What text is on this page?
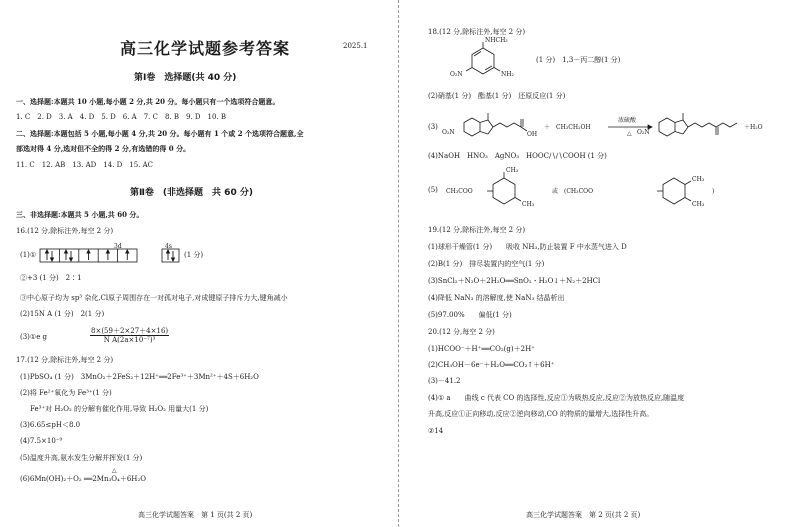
高三化学试题参考答案	2025.1
第Ⅰ卷　选择题(共 40 分)
一、选择题:本题共 10 小题,每小题 2 分,共 20 分。每小题只有一个选项符合题意。
1. C　2. D　3. A　4. D　5. D　6. A　7. C　8. B　9. D　10. B
二、选择题:本题包括 5 小题,每小题 4 分,共 20 分。每小题有 1 个或 2 个选项符合题意,全
部选对得 4 分,选对但不全的得 2 分,有选错的得 0 分。
11. C　12. AB　13. AD　14. D　15. AC
第Ⅱ卷　(非选择题　共 60 分)
三、非选择题:本题共 5 小题,共 60 分。
16.(12 分,除标注外,每空 2 分)
(1)①
3d	4s
(1 分)
②+3 (1 分)　2∶1
③中心原子均为 sp³ 杂化,Cl原子周围存在一对孤对电子,对成键原子排斥力大,键角减小
(2)15N A (1 分)　2(1 分)
(3)①e g	$\frac{8\times(59+2\times 27+4\times 16)}{\text{N A(2a×10⁻⁷)³}}$
17.(12 分,除标注外,每空 2 分)
(1)PbSO₄ (1 分)　3MnO₂＋2FeS₂＋12H⁺══2Fe³⁺＋3Mn²⁺＋4S＋6H₂O
(2)将 Fe²⁺氧化为 Fe³⁺(1 分)
Fe³⁺对 H₂O₂ 的分解有催化作用,导致 H₂O₂ 用量大(1 分)
(3)6.65≤pH＜8.0
(4)7.5×10⁻⁹
(5)温度升高,氨水发生分解并挥发(1 分)
△
(6)6Mn(OH)₂＋O₂ ══2Mn₃O₄＋6H₂O
高三化学试题答案　第 1 页(共 2 页)
18.(12 分,除标注外,每空 2 分)
NHCH₃
NH₂
O₂N
(1 分)　1,3－丙二醇(1 分)
(2)硝基(1 分)　酯基(1 分)　还原反应(1 分)
(3)
O₂N	OH
＋ CH₃CH₂OH
浓硫酸
△ O₂N
＋H₂O
(4)NaOH　HNO₃　AgNO₃　HOOC∕∖∕∖COOH (1 分)
(5) CH₃COO
CH₃
CH₃
或 (CH₃COO
CH₃
CH₃
)
19.(12 分,除标注外,每空 2 分)
(1)球形干燥管(1 分)　　吸收 NH₃,防止装置 F 中水蒸气进入 D
(2)B(1 分)　排尽装置内的空气(1 分)
(3)SnCl₂＋N₂O＋2H₂O══SnO₂・H₂O↓＋N₂＋2HCl
(4)降低 NaN₃ 的溶解度,使 NaN₃ 结晶析出
(5)97.00%　　偏低(1 分)
20.(12 分,每空 2 分)
(1)HCOO⁻＋H⁺══CO₂(g)＋2H⁺
(2)CH₃OH－6e⁻＋H₂O══CO₂↑＋6H⁺
(3)－41.2
(4)① a　　曲线 c 代表 CO 的选择性,反应①为吸热反应,反应②为放热反应,随温度
升高,反应①正向移动,反应②逆向移动,CO 的物质的量增大,选择性升高。
②14
高三化学试题答案　第 2 页(共 2 页)
